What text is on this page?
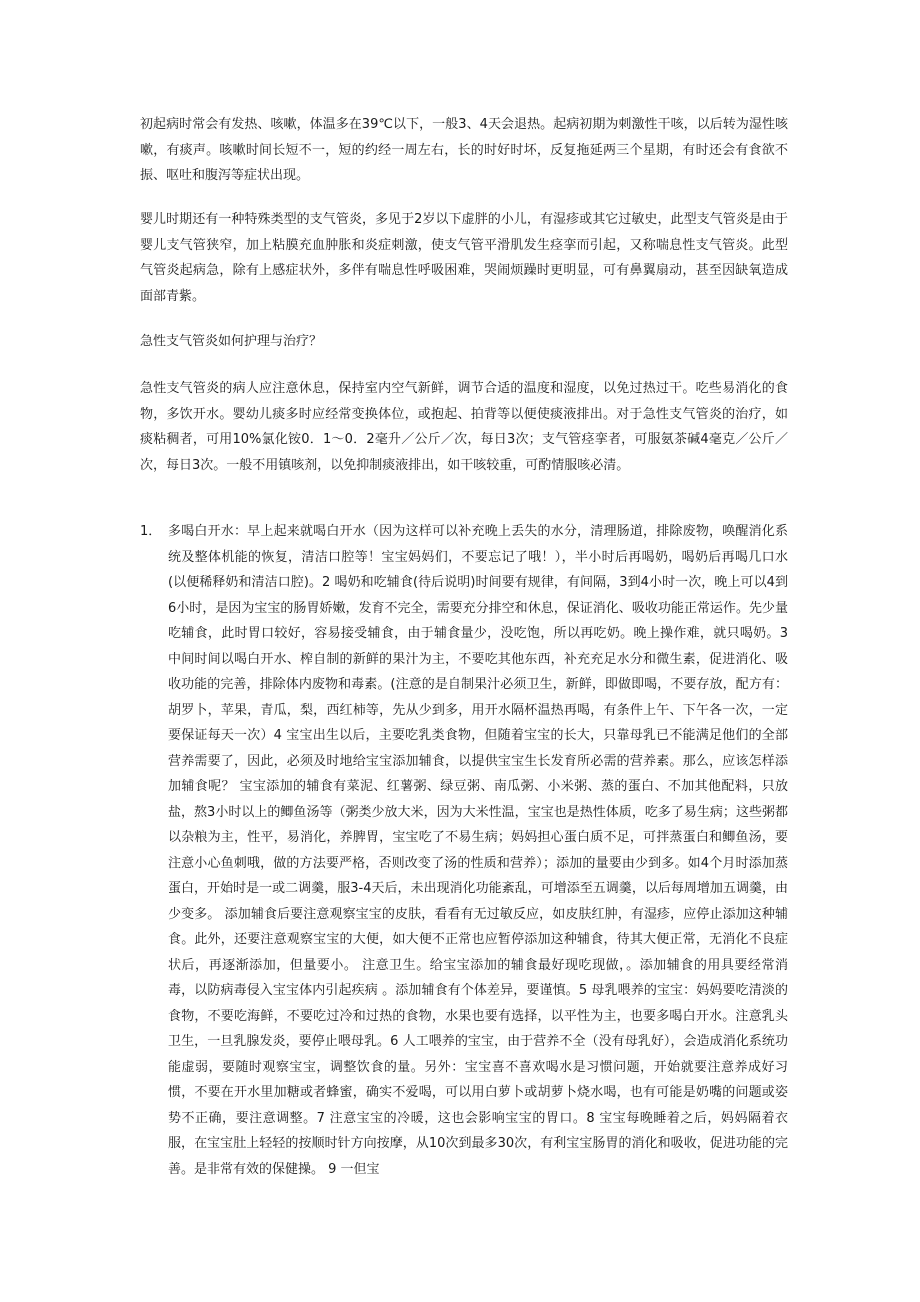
初起病时常会有发热、咳嗽，体温多在39℃以下，一般3、4天会退热。起病初期为刺激性干咳，以后转为湿性咳嗽，有痰声。咳嗽时间长短不一，短的约经一周左右，长的时好时坏，反复拖延两三个星期，有时还会有食欲不振、呕吐和腹泻等症状出现。

婴儿时期还有一种特殊类型的支气管炎，多见于2岁以下虚胖的小儿，有湿疹或其它过敏史，此型支气管炎是由于婴儿支气管狭窄，加上粘膜充血肿胀和炎症刺激，使支气管平滑肌发生痉挛而引起，又称喘息性支气管炎。此型气管炎起病急，除有上感症状外，多伴有喘息性呼吸困难，哭闹烦躁时更明显，可有鼻翼扇动，甚至因缺氧造成面部青紫。

急性支气管炎如何护理与治疗？

急性支气管炎的病人应注意休息，保持室内空气新鲜，调节合适的温度和湿度，以免过热过干。吃些易消化的食物，多饮开水。婴幼儿痰多时应经常变换体位，或抱起、拍背等以便使痰液排出。对于急性支气管炎的治疗，如痰粘稠者，可用10%氯化铵0．1～0．2毫升／公斤／次，每日3次；支气管痉挛者，可服氨茶碱4毫克／公斤／次，每日3次。一般不用镇咳剂，以免抑制痰液排出，如干咳较重，可酌情服咳必清。

1． 多喝白开水：早上起来就喝白开水（因为这样可以补充晚上丢失的水分，清理肠道，排除废物，唤醒消化系统及整体机能的恢复，清洁口腔等！宝宝妈妈们，不要忘记了哦！），半小时后再喝奶，喝奶后再喝几口水(以便稀释奶和清洁口腔)。2 喝奶和吃辅食(待后说明)时间要有规律，有间隔，3到4小时一次，晚上可以4到6小时，是因为宝宝的肠胃娇嫩，发育不完全，需要充分排空和休息，保证消化、吸收功能正常运作。先少量吃辅食，此时胃口较好，容易接受辅食，由于辅食量少，没吃饱，所以再吃奶。晚上操作难，就只喝奶。3 中间时间以喝白开水、榨自制的新鲜的果汁为主，不要吃其他东西，补充充足水分和微生素，促进消化、吸收功能的完善，排除体内废物和毒素。(注意的是自制果汁必须卫生，新鲜，即做即喝，不要存放，配方有：胡罗卜，苹果，青瓜，梨，西红柿等，先从少到多，用开水隔杯温热再喝，有条件上午、下午各一次，一定要保证每天一次）4 宝宝出生以后，主要吃乳类食物，但随着宝宝的长大，只靠母乳已不能满足他们的全部营养需要了，因此，必须及时地给宝宝添加辅食，以提供宝宝生长发育所必需的营养素。那么，应该怎样添加辅食呢？ 宝宝添加的辅食有菜泥、红薯粥、绿豆粥、南瓜粥、小米粥、蒸的蛋白、不加其他配料，只放盐，熬3小时以上的鲫鱼汤等（粥类少放大米，因为大米性温，宝宝也是热性体质，吃多了易生病；这些粥都以杂粮为主，性平，易消化，养脾胃，宝宝吃了不易生病；妈妈担心蛋白质不足，可拌蒸蛋白和鲫鱼汤，要注意小心鱼刺哦，做的方法要严格，否则改变了汤的性质和营养）；添加的量要由少到多。如4个月时添加蒸蛋白，开始时是一或二调羹，服3-4天后，未出现消化功能紊乱，可增添至五调羹，以后每周增加五调羹，由少变多。 添加辅食后要注意观察宝宝的皮肤，看看有无过敏反应，如皮肤红肿，有湿疹，应停止添加这种辅食。此外，还要注意观察宝宝的大便，如大便不正常也应暂停添加这种辅食，待其大便正常，无消化不良症状后，再逐渐添加，但量要小。 注意卫生。给宝宝添加的辅食最好现吃现做，。添加辅食的用具要经常消毒，以防病毒侵入宝宝体内引起疾病 。添加辅食有个体差异，要谨慎。5 母乳喂养的宝宝：妈妈要吃清淡的食物，不要吃海鲜，不要吃过冷和过热的食物，水果也要有选择，以平性为主，也要多喝白开水。注意乳头卫生，一旦乳腺发炎，要停止喂母乳。6 人工喂养的宝宝，由于营养不全（没有母乳好），会造成消化系统功能虚弱，要随时观察宝宝，调整饮食的量。另外：宝宝喜不喜欢喝水是习惯问题，开始就要注意养成好习惯，不要在开水里加糖或者蜂蜜，确实不爱喝，可以用白萝卜或胡萝卜烧水喝，也有可能是奶嘴的问题或姿势不正确，要注意调整。7 注意宝宝的冷暖，这也会影响宝宝的胃口。8 宝宝每晚睡着之后，妈妈隔着衣服，在宝宝肚上轻轻的按顺时针方向按摩，从10次到最多30次，有利宝宝肠胃的消化和吸收，促进功能的完善。是非常有效的保健操。 9 一但宝
